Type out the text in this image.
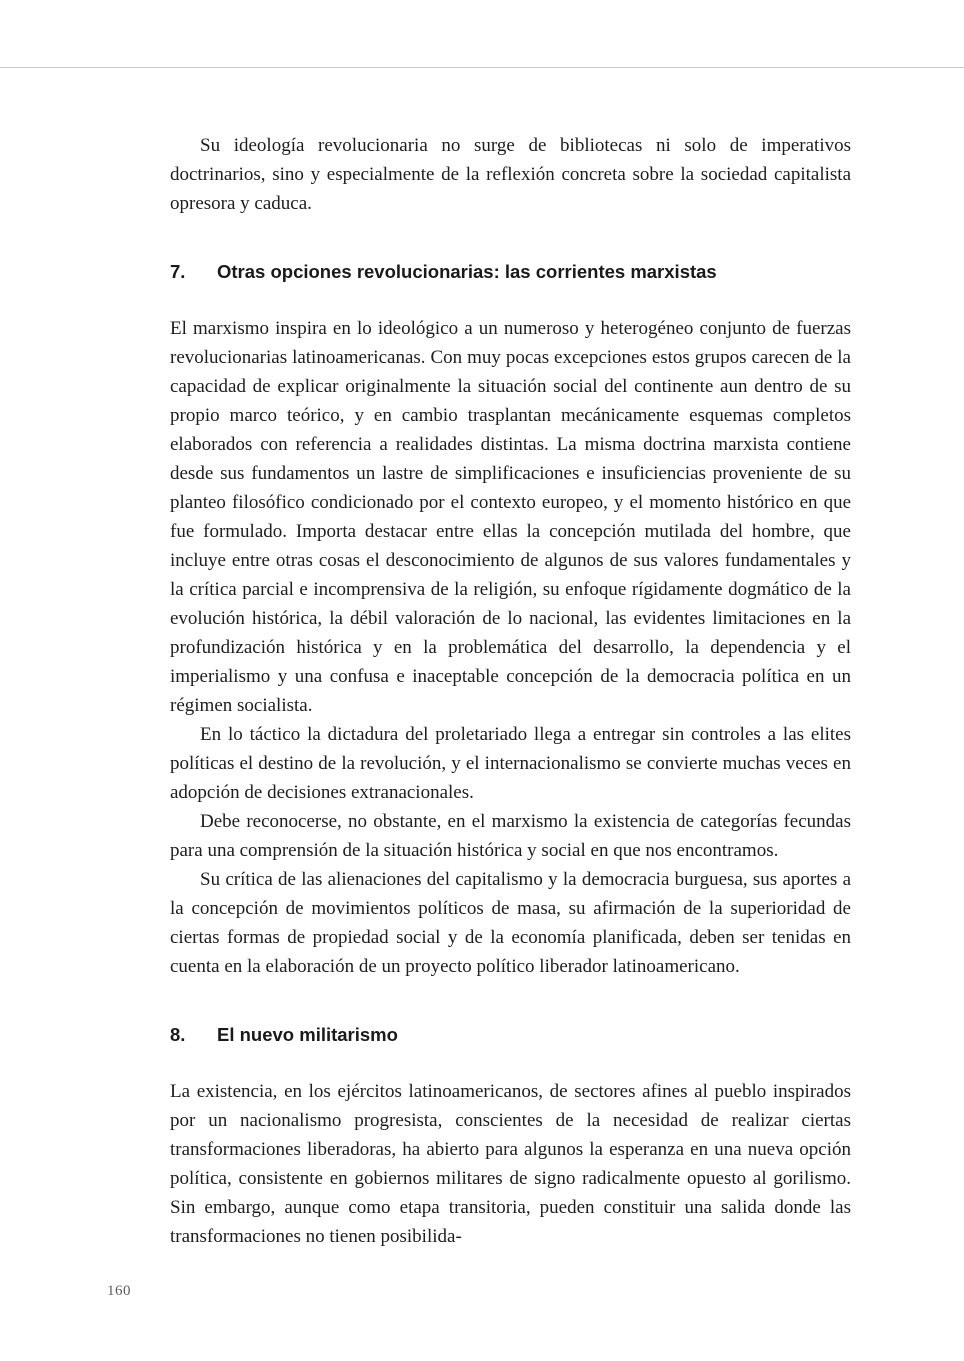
Su ideología revolucionaria no surge de bibliotecas ni solo de imperativos doctrinarios, sino y especialmente de la reflexión concreta sobre la sociedad capitalista opresora y caduca.

7.	Otras opciones revolucionarias: las corrientes marxistas

El marxismo inspira en lo ideológico a un numeroso y heterogéneo conjunto de fuerzas revolucionarias latinoamericanas. Con muy pocas excepciones estos grupos carecen de la capacidad de explicar originalmente la situación social del continente aun dentro de su propio marco teórico, y en cambio trasplantan mecánicamente esquemas completos elaborados con referencia a realidades distintas. La misma doctrina marxista contiene desde sus fundamentos un lastre de simplificaciones e insuficiencias proveniente de su planteo filosófico condicionado por el contexto europeo, y el momento histórico en que fue formulado. Importa destacar entre ellas la concepción mutilada del hombre, que incluye entre otras cosas el desconocimiento de algunos de sus valores fundamentales y la crítica parcial e incomprensiva de la religión, su enfoque rígidamente dogmático de la evolución histórica, la débil valoración de lo nacional, las evidentes limitaciones en la profundización histórica y en la problemática del desarrollo, la dependencia y el imperialismo y una confusa e inaceptable concepción de la democracia política en un régimen socialista.

En lo táctico la dictadura del proletariado llega a entregar sin controles a las elites políticas el destino de la revolución, y el internacionalismo se convierte muchas veces en adopción de decisiones extranacionales.

Debe reconocerse, no obstante, en el marxismo la existencia de categorías fecundas para una comprensión de la situación histórica y social en que nos encontramos.

Su crítica de las alienaciones del capitalismo y la democracia burguesa, sus aportes a la concepción de movimientos políticos de masa, su afirmación de la superioridad de ciertas formas de propiedad social y de la economía planificada, deben ser tenidas en cuenta en la elaboración de un proyecto político liberador latinoamericano.

8.	El nuevo militarismo

La existencia, en los ejércitos latinoamericanos, de sectores afines al pueblo inspirados por un nacionalismo progresista, conscientes de la necesidad de realizar ciertas transformaciones liberadoras, ha abierto para algunos la esperanza en una nueva opción política, consistente en gobiernos militares de signo radicalmente opuesto al gorilismo. Sin embargo, aunque como etapa transitoria, pueden constituir una salida donde las transformaciones no tienen posibilida-

160
